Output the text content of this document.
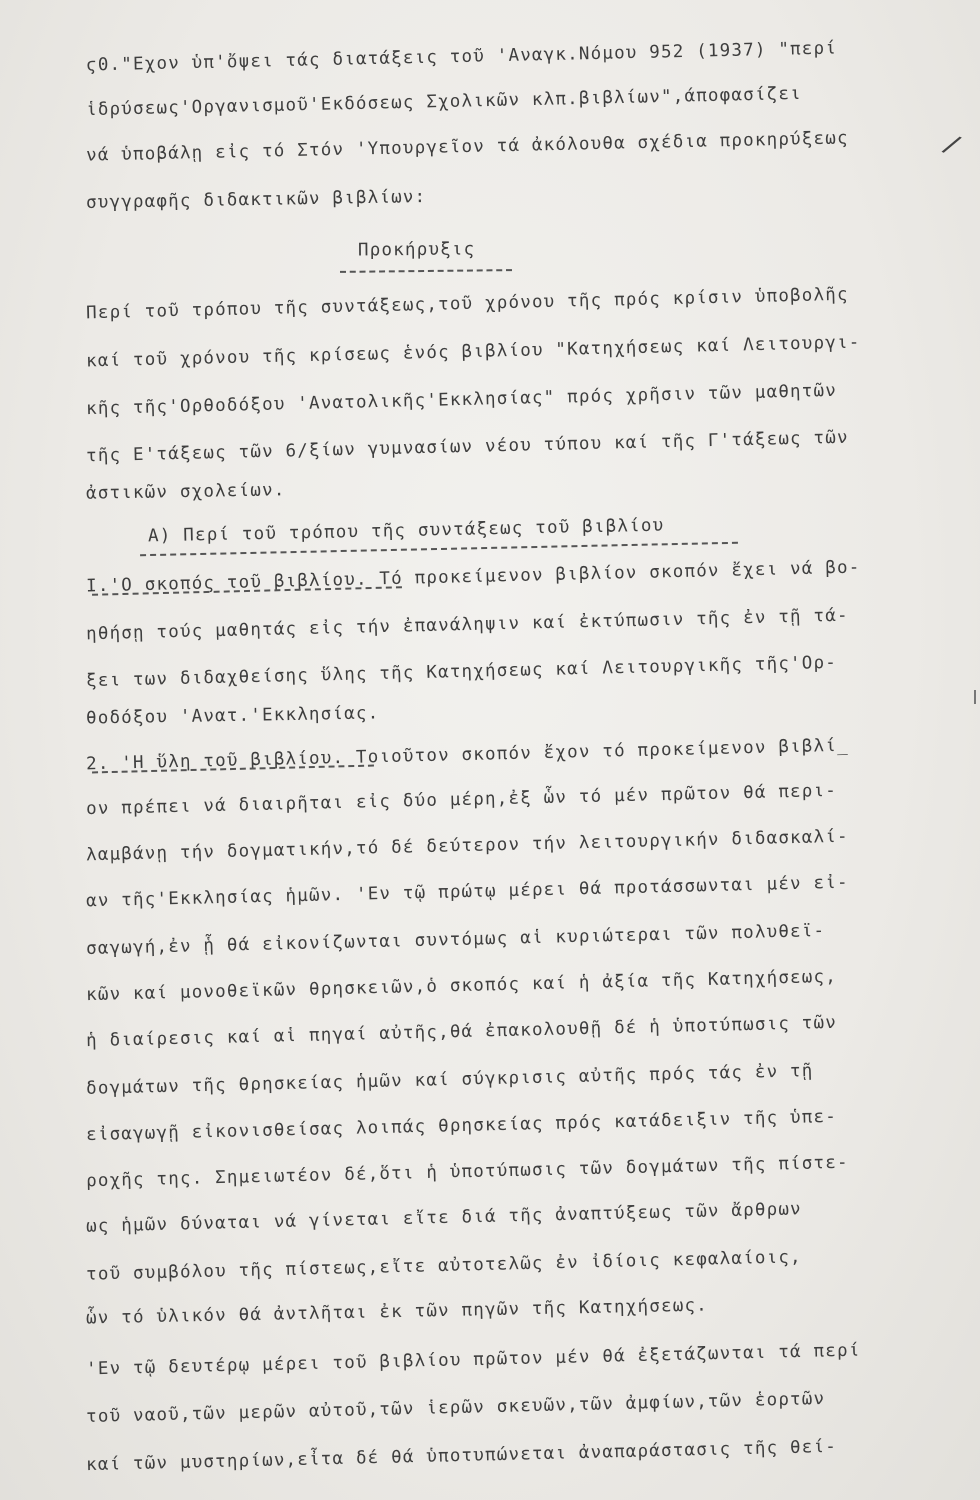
ϛ0."Εχον ὑπ'ὄψει τάς διατάξεις τοῦ 'Αναγκ.Νόμου 952 (1937) "περί
ἱδρύσεως'Οργανισμοῦ'Εκδόσεως Σχολικῶν κλπ.βιβλίων",άποφασίζει
νά ὑποβάλῃ εἰς τό Στόν 'Υπουργεῖον τά ἀκόλουθα σχέδια προκηρύξεως
συγγραφῆς διδακτικῶν βιβλίων:
/
Προκήρυξις
Περί τοῦ τρόπου τῆς συντάξεως,τοῦ χρόνου τῆς πρός κρίσιν ὑποβολῆς
καί τοῦ χρόνου τῆς κρίσεως ἑνός βιβλίου "Κατηχήσεως καί Λειτουργι-
κῆς τῆς'Ορθοδόξου 'Ανατολικῆς'Εκκλησίας" πρός χρῆσιν τῶν μαθητῶν
τῆς Ε'τάξεως τῶν 6/ξίων γυμνασίων νέου τύπου καί τῆς Γ'τάξεως τῶν
ἀστικῶν σχολείων.
Α) Περί τοῦ τρόπου τῆς συντάξεως τοῦ βιβλίου
Ι.'Ο σκοπός τοῦ βιβλίου. Τό προκείμενον βιβλίον σκοπόν ἔχει νά βο-
ηθήσῃ τούς μαθητάς εἰς τήν ἐπανάληψιν καί ἐκτύπωσιν τῆς ἐν τῇ τά-
ξει των διδαχθείσης ὕλης τῆς Κατηχήσεως καί Λειτουργικῆς τῆς'Ορ-
θοδόξου 'Ανατ.'Εκκλησίας.
2. 'Η ὕλη τοῦ βιβλίου. Τοιοῦτον σκοπόν ἔχον τό προκείμενον βιβλί_
ον πρέπει νά διαιρῆται εἰς δύο μέρη,ἐξ ὧν τό μέν πρῶτον θά περι-
λαμβάνῃ τήν δογματικήν,τό δέ δεύτερον τήν λειτουργικήν διδασκαλί-
αν τῆς'Εκκλησίας ἡμῶν. 'Εν τῷ πρώτῳ μέρει θά προτάσσωνται μέν εἰ-
σαγωγή,ἐν ᾗ θά εἰκονίζωνται συντόμως αἱ κυριώτεραι τῶν πολυθεϊ-
κῶν καί μονοθεϊκῶν θρησκειῶν,ὁ σκοπός καί ἡ ἀξία τῆς Κατηχήσεως,
ἡ διαίρεσις καί αἱ πηγαί αὐτῆς,θά ἐπακολουθῇ δέ ἡ ὑποτύπωσις τῶν
δογμάτων τῆς θρησκείας ἡμῶν καί σύγκρισις αὐτῆς πρός τάς ἐν τῇ
εἰσαγωγῇ εἰκονισθείσας λοιπάς θρησκείας πρός κατάδειξιν τῆς ὑπε-
ροχῆς της. Σημειωτέον δέ,ὅτι ἡ ὑποτύπωσις τῶν δογμάτων τῆς πίστε-
ως ἡμῶν δύναται νά γίνεται εἴτε διά τῆς ἀναπτύξεως τῶν ἄρθρων
τοῦ συμβόλου τῆς πίστεως,εἴτε αὐτοτελῶς ἐν ἰδίοις κεφαλαίοις,
ὧν τό ὑλικόν θά ἀντλῆται ἐκ τῶν πηγῶν τῆς Κατηχήσεως.
'Εν τῷ δευτέρῳ μέρει τοῦ βιβλίου πρῶτον μέν θά ἐξετάζωνται τά περί
τοῦ ναοῦ,τῶν μερῶν αὐτοῦ,τῶν ἱερῶν σκευῶν,τῶν ἀμφίων,τῶν ἑορτῶν
καί τῶν μυστηρίων,εἶτα δέ θά ὑποτυπώνεται ἀναπαράστασις τῆς θεί-
